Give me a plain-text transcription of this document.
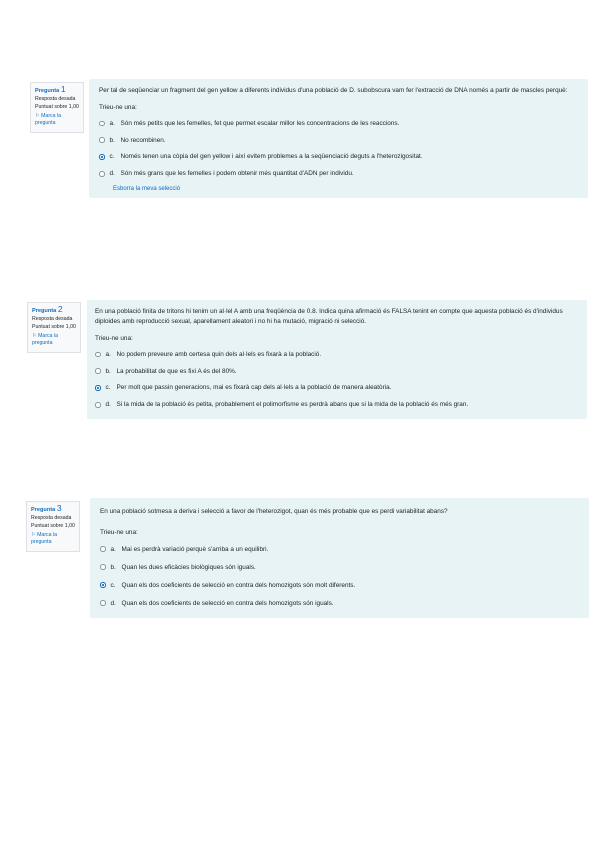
Pregunta 1
Resposta desada
Puntuat sobre 1,00
⚐ Marca la pregunta
Per tal de seqüenciar un fragment del gen yellow a diferents individus d'una població de D. subobscura vam fer l'extracció de DNA només a partir de mascles perquè:
Trieu-ne una:
a. Són més petits que les femelles, fet que permet escalar millor les concentracions de les reaccions.
b. No recombinen.
c. Només tenen una còpia del gen yellow i així evitem problemes a la seqüenciació deguts a l'heterozigositat.
d. Són més grans que les femelles i podem obtenir més quantitat d'ADN per individu.
Esborra la meva selecció
Pregunta 2
Resposta desada
Puntuat sobre 1,00
⚐ Marca la pregunta
En una població finita de tritons hi tenim un al·lel A amb una freqüència de 0.8. Indica quina afirmació és FALSA tenint en compte que aquesta població és d'individus diploides amb reproducció sexual, aparellament aleatori i no hi ha mutació, migració ni selecció.
Trieu-ne una:
a. No podem preveure amb certesa quin dels al·lels es fixarà a la població.
b. La probabilitat de que es fixi A és del 80%.
c. Per molt que passin generacions, mai es fixarà cap dels al·lels a la població de manera aleatòria.
d. Si la mida de la població és petita, probablement el polimorfisme es perdrà abans que si la mida de la població és més gran.
Pregunta 3
Resposta desada
Puntuat sobre 1,00
⚐ Marca la pregunta
En una població sotmesa a deriva i selecció a favor de l'heterozigot, quan és més probable que es perdi variabilitat abans?
Trieu-ne una:
a. Mai es perdrà variació perquè s'arriba a un equilibri.
b. Quan les dues eficàcies biològiques són iguals.
c. Quan els dos coeficients de selecció en contra dels homozigots són molt diferents.
d. Quan els dos coeficients de selecció en contra dels homozigots són iguals.
